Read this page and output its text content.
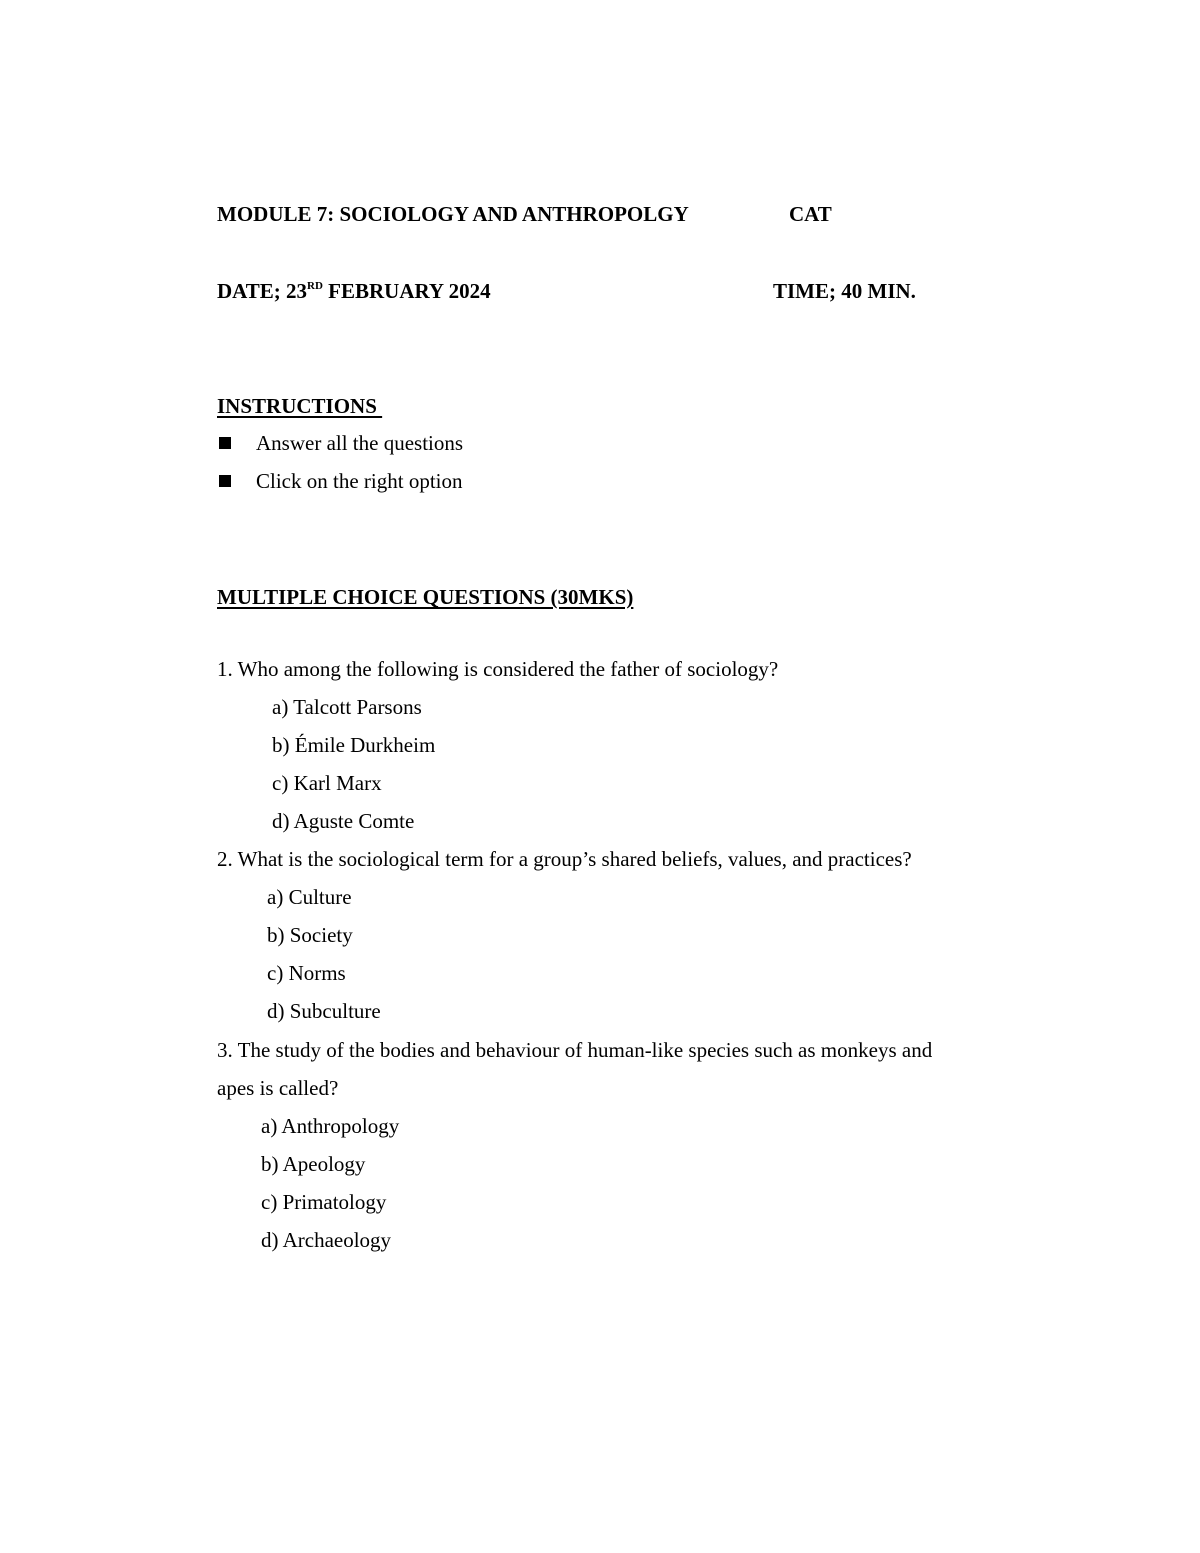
MODULE 7: SOCIOLOGY AND ANTHROPOLGY	CAT
DATE; 23RD FEBRUARY 2024	TIME; 40 MIN.
INSTRUCTIONS
Answer all the questions
Click on the right option
MULTIPLE CHOICE QUESTIONS (30MKS)
1. Who among the following is considered the father of sociology?
a) Talcott Parsons
b) Émile Durkheim
c) Karl Marx
d) Aguste Comte
2. What is the sociological term for a group’s shared beliefs, values, and practices?
a) Culture
b) Society
c) Norms
d) Subculture
3. The study of the bodies and behaviour of human-like species such as monkeys and
apes is called?
a) Anthropology
b) Apeology
c) Primatology
d) Archaeology
